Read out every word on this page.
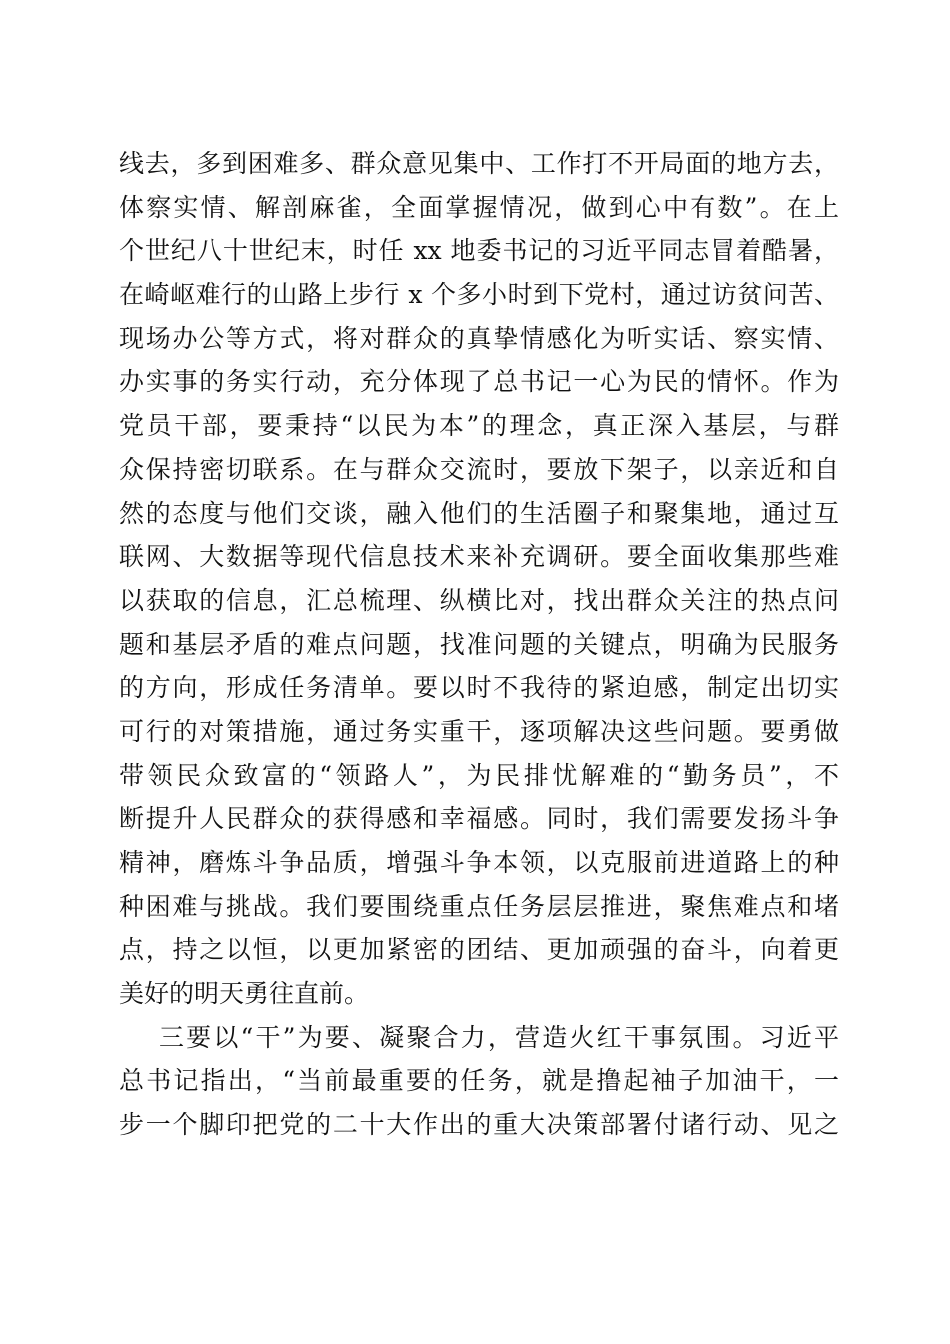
线去，多到困难多、群众意见集中、工作打不开局面的地方去，
体察实情、解剖麻雀，全面掌握情况，做到心中有数”。在上
个世纪八十世纪末，时任 xx 地委书记的习近平同志冒着酷暑，
在崎岖难行的山路上步行 x 个多小时到下党村，通过访贫问苦、
现场办公等方式，将对群众的真挚情感化为听实话、察实情、
办实事的务实行动，充分体现了总书记一心为民的情怀。作为
党员干部，要秉持“以民为本”的理念，真正深入基层，与群
众保持密切联系。在与群众交流时，要放下架子，以亲近和自
然的态度与他们交谈，融入他们的生活圈子和聚集地，通过互
联网、大数据等现代信息技术来补充调研。要全面收集那些难
以获取的信息，汇总梳理、纵横比对，找出群众关注的热点问
题和基层矛盾的难点问题，找准问题的关键点，明确为民服务
的方向，形成任务清单。要以时不我待的紧迫感，制定出切实
可行的对策措施，通过务实重干，逐项解决这些问题。要勇做
带领民众致富的“领路人”，为民排忧解难的“勤务员”，不
断提升人民群众的获得感和幸福感。同时，我们需要发扬斗争
精神，磨炼斗争品质，增强斗争本领，以克服前进道路上的种
种困难与挑战。我们要围绕重点任务层层推进，聚焦难点和堵
点，持之以恒，以更加紧密的团结、更加顽强的奋斗，向着更
美好的明天勇往直前。
三要以“干”为要、凝聚合力，营造火红干事氛围。习近平
总书记指出，“当前最重要的任务，就是撸起袖子加油干，一
步一个脚印把党的二十大作出的重大决策部署付诸行动、见之
